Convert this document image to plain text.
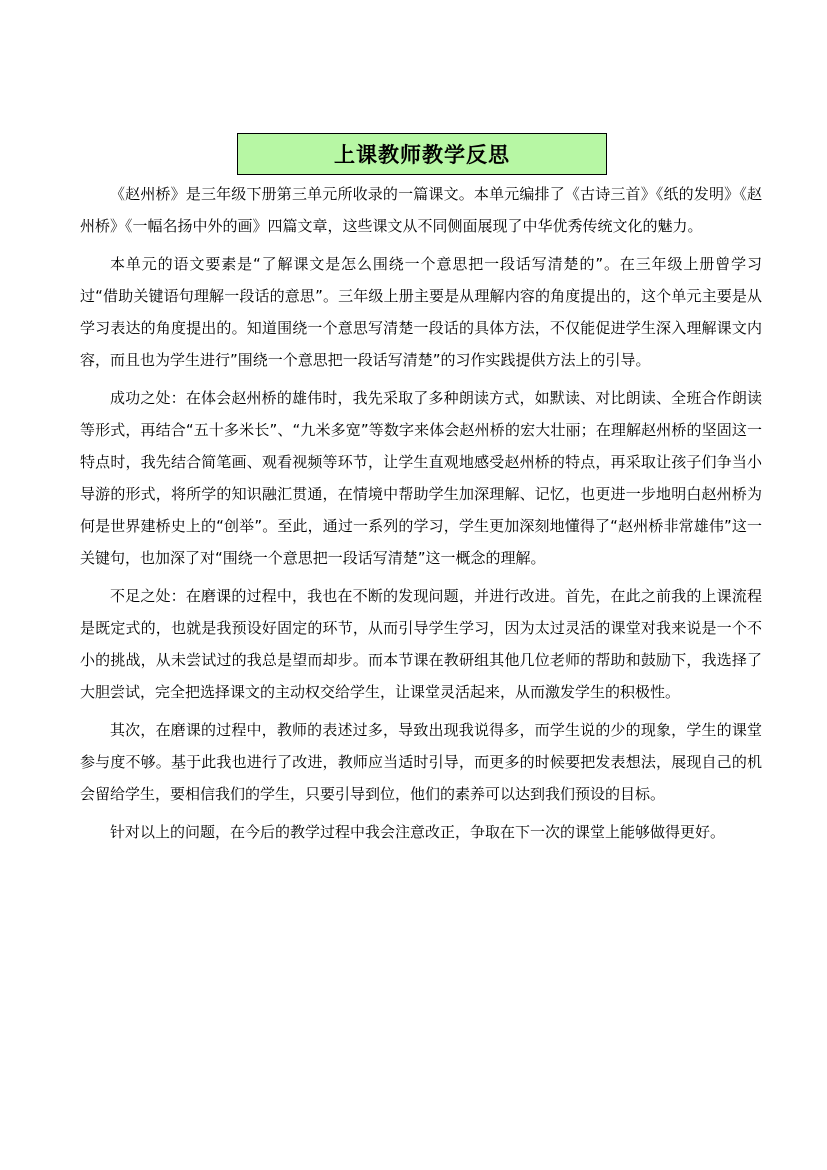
上课教师教学反思

《赵州桥》是三年级下册第三单元所收录的一篇课文。本单元编排了《古诗三首》《纸的发明》《赵州桥》《一幅名扬中外的画》四篇文章，这些课文从不同侧面展现了中华优秀传统文化的魅力。

本单元的语文要素是“了解课文是怎么围绕一个意思把一段话写清楚的”。在三年级上册曾学习过“借助关键语句理解一段话的意思”。三年级上册主要是从理解内容的角度提出的，这个单元主要是从学习表达的角度提出的。知道围绕一个意思写清楚一段话的具体方法，不仅能促进学生深入理解课文内容，而且也为学生进行”围绕一个意思把一段话写清楚”的习作实践提供方法上的引导。

成功之处：在体会赵州桥的雄伟时，我先采取了多种朗读方式，如默读、对比朗读、全班合作朗读等形式，再结合“五十多米长”、“九米多宽”等数字来体会赵州桥的宏大壮丽；在理解赵州桥的坚固这一特点时，我先结合简笔画、观看视频等环节，让学生直观地感受赵州桥的特点，再采取让孩子们争当小导游的形式，将所学的知识融汇贯通，在情境中帮助学生加深理解、记忆，也更进一步地明白赵州桥为何是世界建桥史上的“创举”。至此，通过一系列的学习，学生更加深刻地懂得了“赵州桥非常雄伟”这一关键句，也加深了对“围绕一个意思把一段话写清楚”这一概念的理解。

不足之处：在磨课的过程中，我也在不断的发现问题，并进行改进。首先，在此之前我的上课流程是既定式的，也就是我预设好固定的环节，从而引导学生学习，因为太过灵活的课堂对我来说是一个不小的挑战，从未尝试过的我总是望而却步。而本节课在教研组其他几位老师的帮助和鼓励下，我选择了大胆尝试，完全把选择课文的主动权交给学生，让课堂灵活起来，从而激发学生的积极性。

其次，在磨课的过程中，教师的表述过多，导致出现我说得多，而学生说的少的现象，学生的课堂参与度不够。基于此我也进行了改进，教师应当适时引导，而更多的时候要把发表想法，展现自己的机会留给学生，要相信我们的学生，只要引导到位，他们的素养可以达到我们预设的目标。

针对以上的问题，在今后的教学过程中我会注意改正，争取在下一次的课堂上能够做得更好。
